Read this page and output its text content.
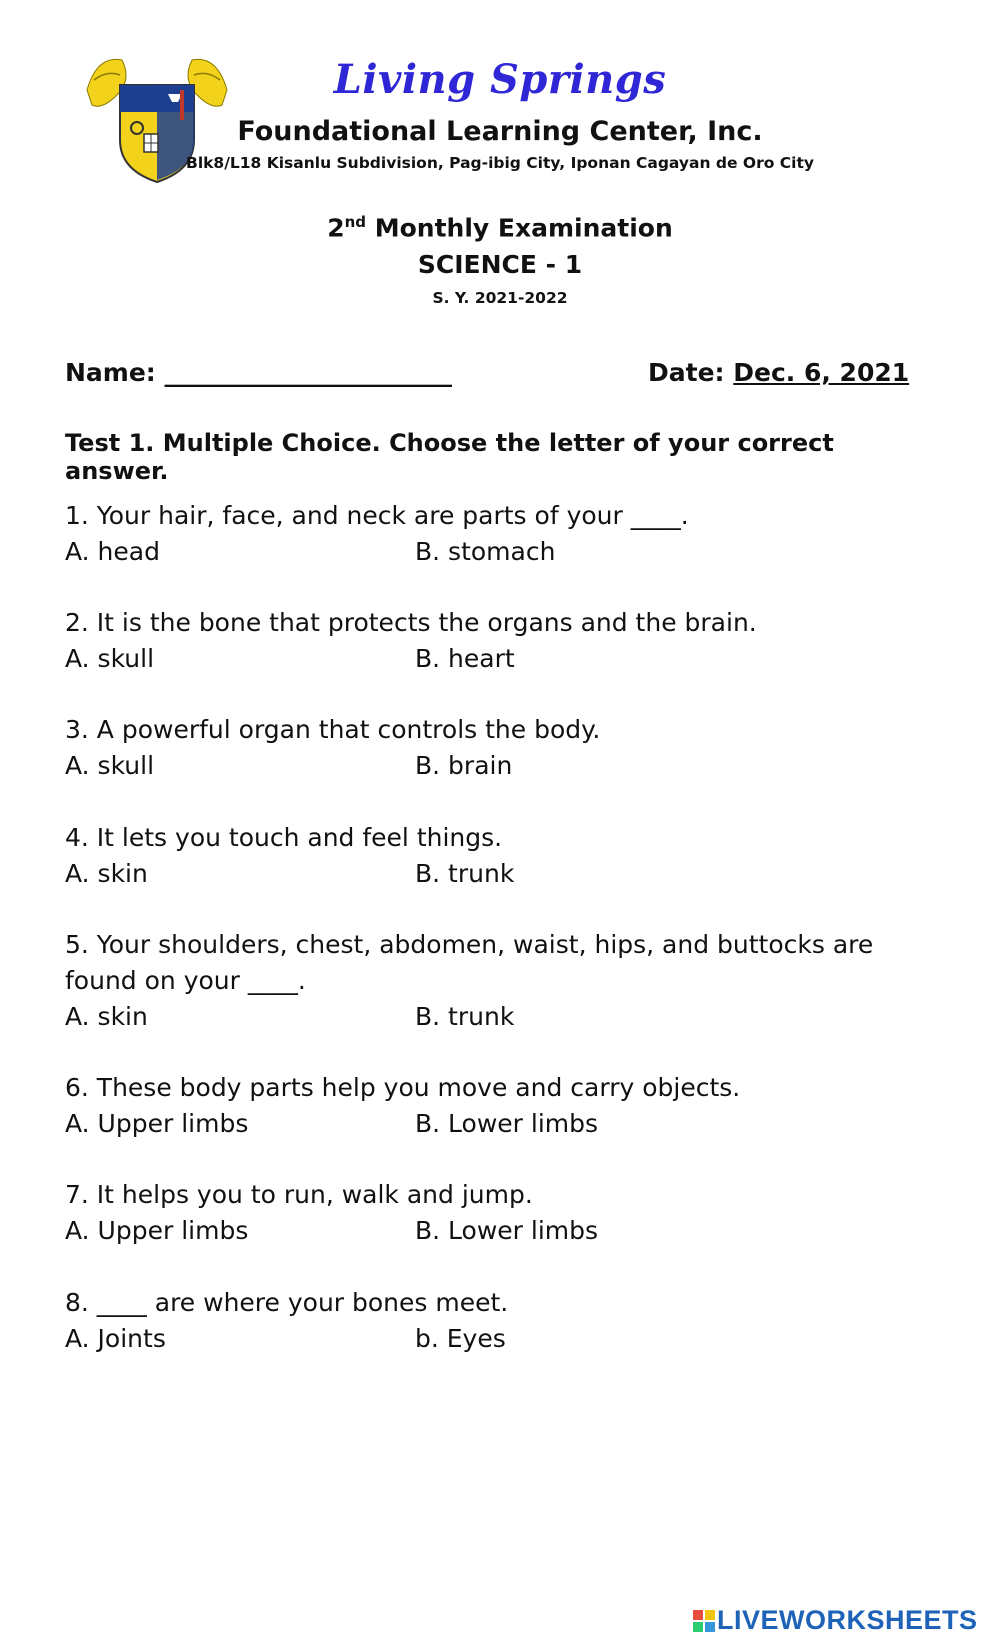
Living Springs
Foundational Learning Center, Inc.
Blk8/L18 Kisanlu Subdivision, Pag-ibig City, Iponan Cagayan de Oro City
2nd Monthly Examination
SCIENCE - 1
S. Y. 2021-2022
Name: _______________________	Date: Dec. 6, 2021
Test 1. Multiple Choice. Choose the letter of your correct answer.
1. Your hair, face, and neck are parts of your ____.
A. head	B. stomach
2. It is the bone that protects the organs and the brain.
A. skull	B. heart
3. A powerful organ that controls the body.
A. skull	B. brain
4. It lets you touch and feel things.
A. skin	B. trunk
5. Your shoulders, chest, abdomen, waist, hips, and buttocks are found on your ____.
A. skin	B. trunk
6. These body parts help you move and carry objects.
A. Upper limbs	B. Lower limbs
7. It helps you to run, walk and jump.
A. Upper limbs	B. Lower limbs
8. ____ are where your bones meet.
A. Joints	b. Eyes
LIVEWORKSHEETS
